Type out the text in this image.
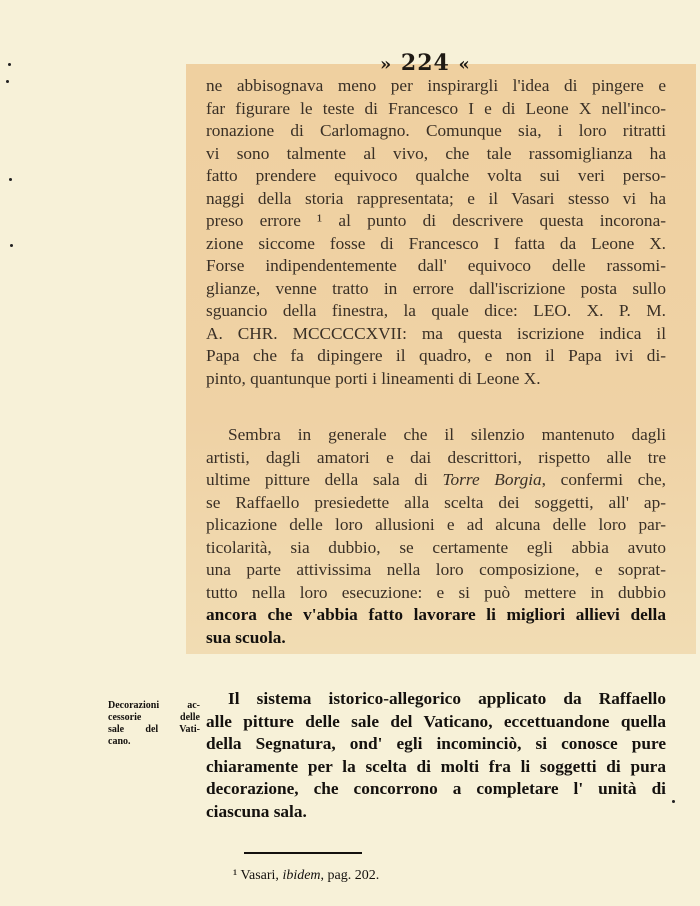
» 224 «
ne abbisognava meno per inspirargli l'idea di pingere e
far figurare le teste di Francesco I e di Leone X nell'inco-
ronazione di Carlomagno. Comunque sia, i loro ritratti
vi sono talmente al vivo, che tale rassomiglianza ha
fatto prendere equivoco qualche volta sui veri perso-
naggi della storia rappresentata; e il Vasari stesso vi ha
preso errore ¹ al punto di descrivere questa incorona-
zione siccome fosse di Francesco I fatta da Leone X.
Forse indipendentemente dall' equivoco delle rassomi-
glianze, venne tratto in errore dall'iscrizione posta sullo
sguancio della finestra, la quale dice: LEO. X. P. M.
A. CHR. MCCCCCXVII: ma questa iscrizione indica il
Papa che fa dipingere il quadro, e non il Papa ivi di-
pinto, quantunque porti i lineamenti di Leone X.
Sembra in generale che il silenzio mantenuto dagli
artisti, dagli amatori e dai descrittori, rispetto alle tre
ultime pitture della sala di Torre Borgia, confermi che,
se Raffaello presiedette alla scelta dei soggetti, all' ap-
plicazione delle loro allusioni e ad alcuna delle loro par-
ticolarità, sia dubbio, se certamente egli abbia avuto
una parte attivissima nella loro composizione, e soprat-
tutto nella loro esecuzione: e si può mettere in dubbio
ancora che v'abbia fatto lavorare li migliori allievi della
sua scuola.
Decorazioni ac-
cessorie delle
sale del Vati-
cano.
Il sistema istorico-allegorico applicato da Raffaello
alle pitture delle sale del Vaticano, eccettuandone quella
della Segnatura, ond' egli incominciò, si conosce pure
chiaramente per la scelta di molti fra li soggetti di pura
decorazione, che concorrono a completare l' unità di
ciascuna sala.
¹ Vasari, ibidem, pag. 202.
